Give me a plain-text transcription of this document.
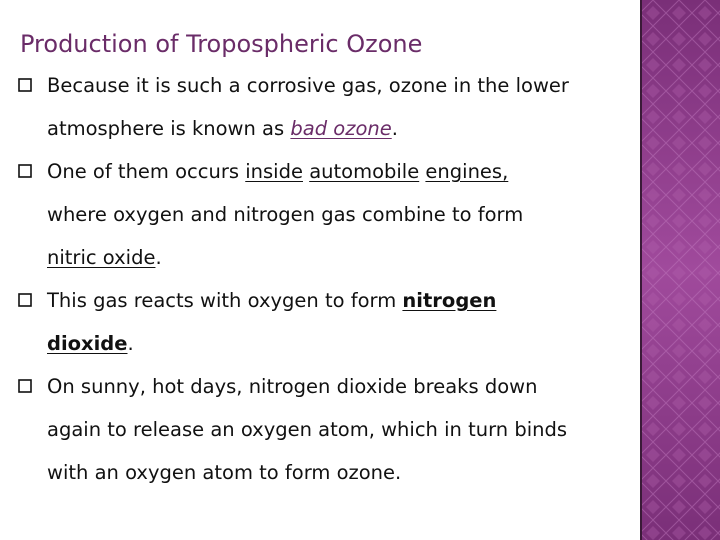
Production of Tropospheric Ozone
Because it is such a corrosive gas, ozone in the lower
atmosphere is known as bad ozone.
One of them occurs inside automobile engines,
where oxygen and nitrogen gas combine to form
nitric oxide.
This gas reacts with oxygen to form nitrogen
dioxide.
On sunny, hot days, nitrogen dioxide breaks down
again to release an oxygen atom, which in turn binds
with an oxygen atom to form ozone.
